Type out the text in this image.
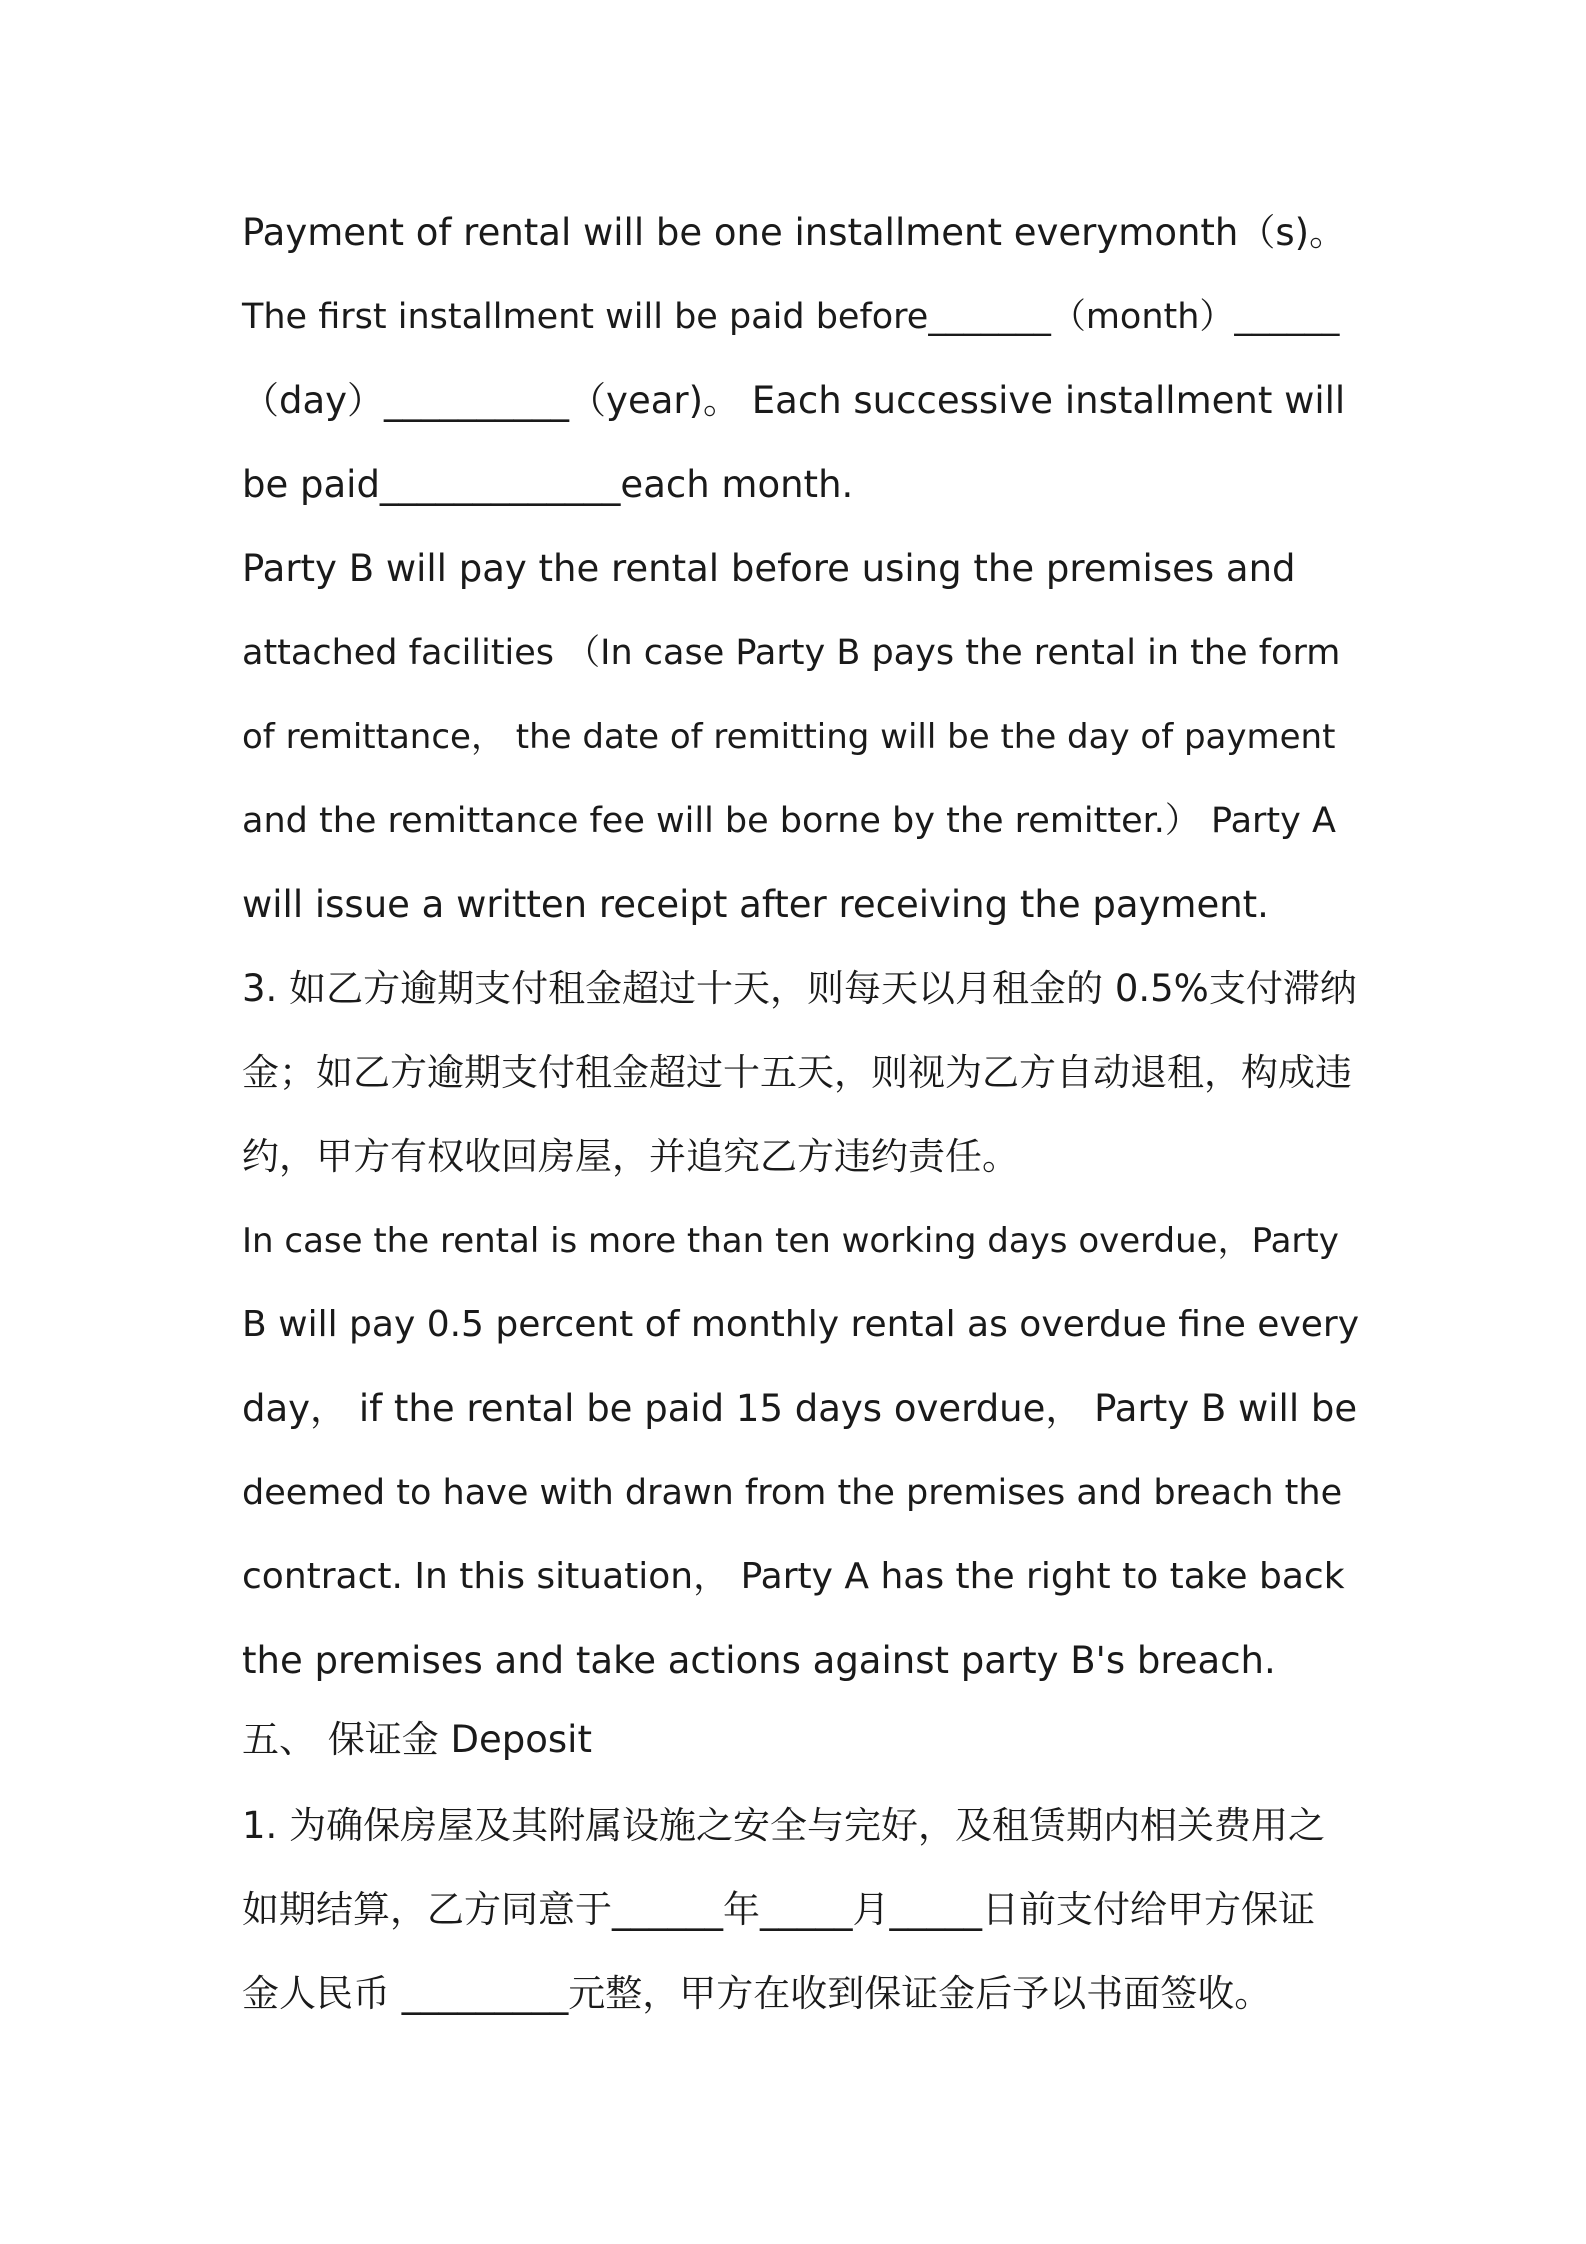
Payment of rental will be one installment everymonth（s)。
The first installment will be paid before_______（month）______
（day）__________（year)。 Each successive installment will
be paid_____________each month.
Party B will pay the rental before using the premises and
attached facilities （In case Party B pays the rental in the form
of remittance， the date of remitting will be the day of payment
and the remittance fee will be borne by the remitter.） Party A
will issue a written receipt after receiving the payment.
3. 如乙方逾期支付租金超过十天，则每天以月租金的 0.5%支付滞纳
金；如乙方逾期支付租金超过十五天，则视为乙方自动退租，构成违
约，甲方有权收回房屋，并追究乙方违约责任。
In case the rental is more than ten working days overdue，Party
B will pay 0.5 percent of monthly rental as overdue fine every
day， if the rental be paid 15 days overdue， Party B will be
deemed to have with drawn from the premises and breach the
contract. In this situation， Party A has the right to take back
the premises and take actions against party B's breach.
五、 保证金 Deposit
1. 为确保房屋及其附属设施之安全与完好，及租赁期内相关费用之
如期结算，乙方同意于______年_____月_____日前支付给甲方保证
金人民币 _________元整，甲方在收到保证金后予以书面签收。
